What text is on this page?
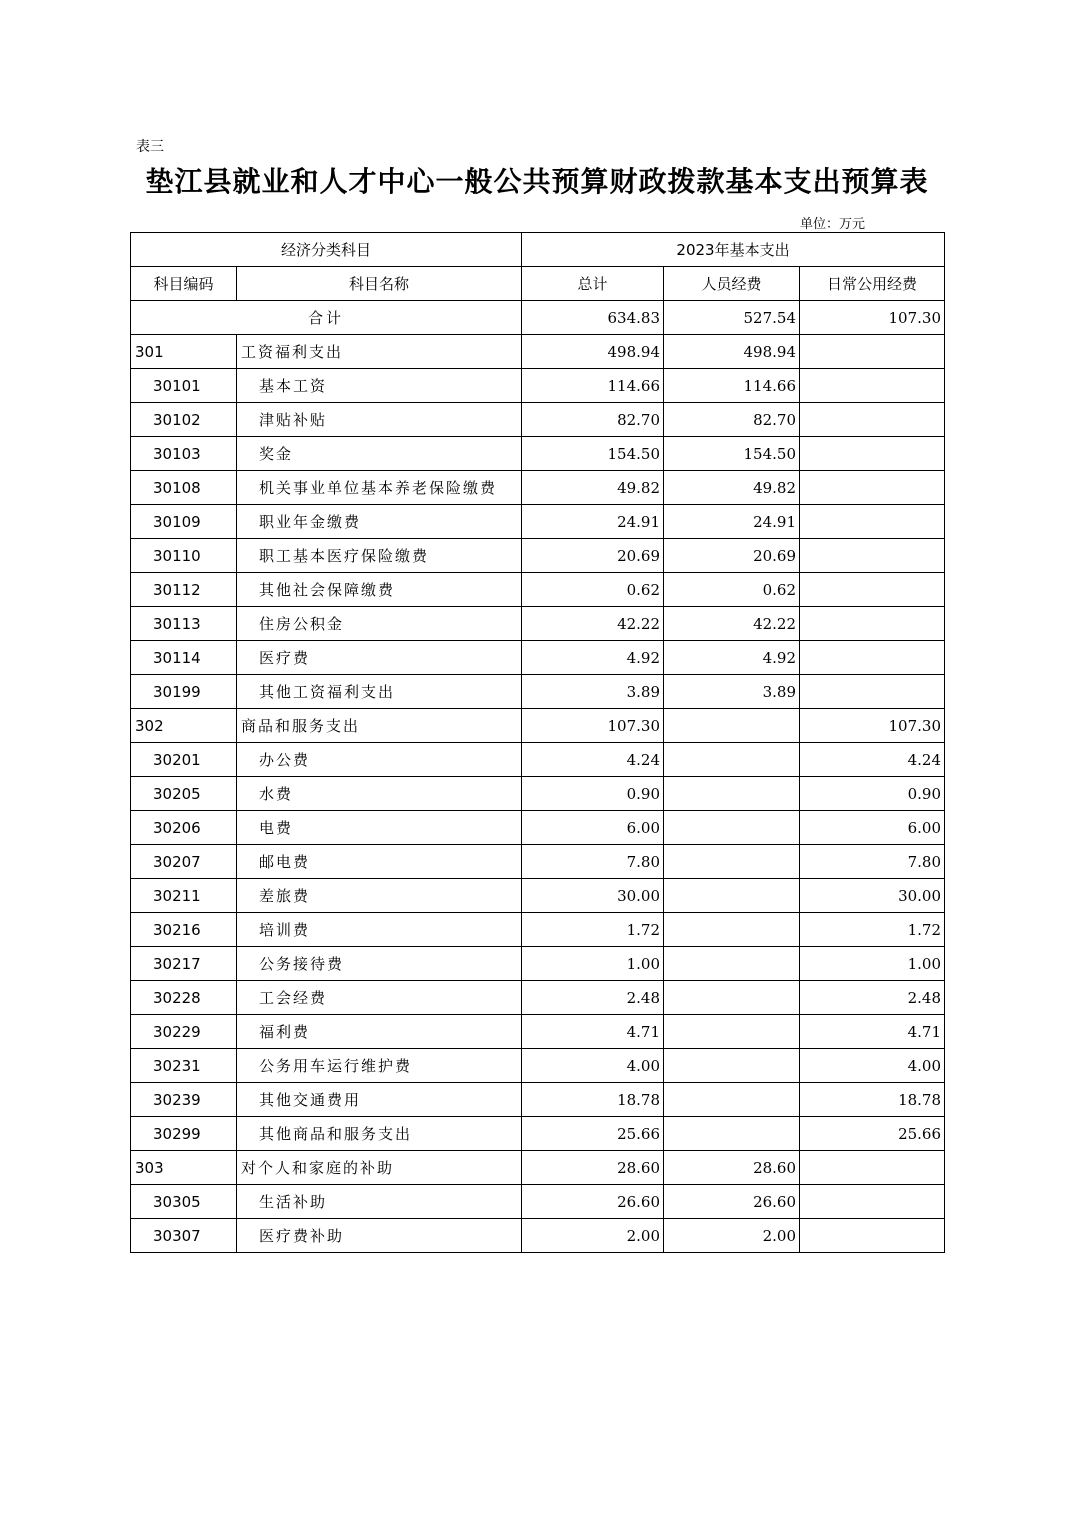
表三
垫江县就业和人才中心一般公共预算财政拨款基本支出预算表
单位：万元
经济分类科目		2023年基本支出		
科目编码	科目名称	总计	人员经费	日常公用经费
合计		634.83	527.54	107.30
301	工资福利支出	498.94	498.94	
30101	基本工资	114.66	114.66	
30102	津贴补贴	82.70	82.70	
30103	奖金	154.50	154.50	
30108	机关事业单位基本养老保险缴费	49.82	49.82	
30109	职业年金缴费	24.91	24.91	
30110	职工基本医疗保险缴费	20.69	20.69	
30112	其他社会保障缴费	0.62	0.62	
30113	住房公积金	42.22	42.22	
30114	医疗费	4.92	4.92	
30199	其他工资福利支出	3.89	3.89	
302	商品和服务支出	107.30		107.30
30201	办公费	4.24		4.24
30205	水费	0.90		0.90
30206	电费	6.00		6.00
30207	邮电费	7.80		7.80
30211	差旅费	30.00		30.00
30216	培训费	1.72		1.72
30217	公务接待费	1.00		1.00
30228	工会经费	2.48		2.48
30229	福利费	4.71		4.71
30231	公务用车运行维护费	4.00		4.00
30239	其他交通费用	18.78		18.78
30299	其他商品和服务支出	25.66		25.66
303	对个人和家庭的补助	28.60	28.60	
30305	生活补助	26.60	26.60	
30307	医疗费补助	2.00	2.00	
